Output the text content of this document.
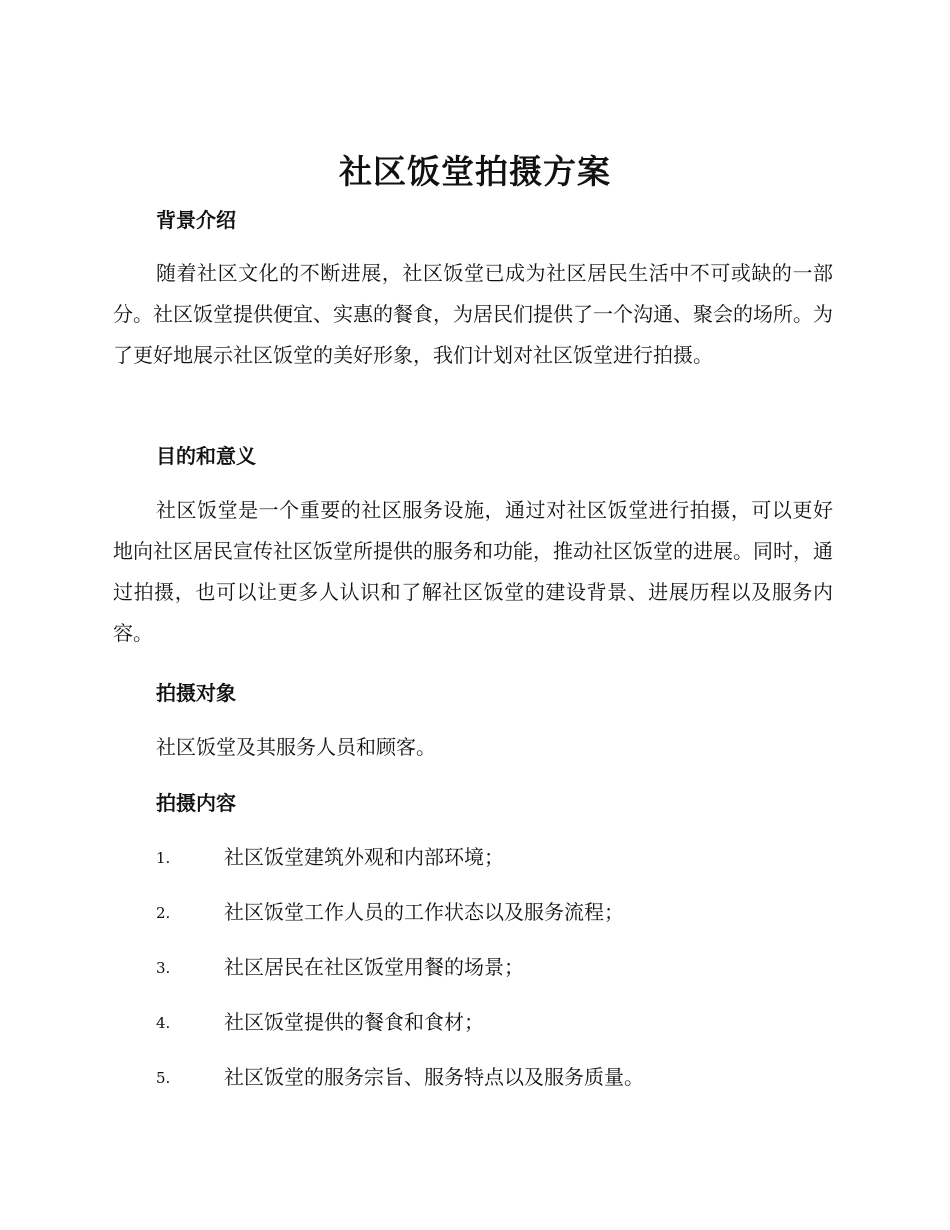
社区饭堂拍摄方案
背景介绍
随着社区文化的不断进展，社区饭堂已成为社区居民生活中不可或缺的一部分。社区饭堂提供便宜、实惠的餐食，为居民们提供了一个沟通、聚会的场所。为了更好地展示社区饭堂的美好形象，我们计划对社区饭堂进行拍摄。
目的和意义
社区饭堂是一个重要的社区服务设施，通过对社区饭堂进行拍摄，可以更好地向社区居民宣传社区饭堂所提供的服务和功能，推动社区饭堂的进展。同时，通过拍摄，也可以让更多人认识和了解社区饭堂的建设背景、进展历程以及服务内容。
拍摄对象
社区饭堂及其服务人员和顾客。
拍摄内容
1.	社区饭堂建筑外观和内部环境；
2.	社区饭堂工作人员的工作状态以及服务流程；
3.	社区居民在社区饭堂用餐的场景；
4.	社区饭堂提供的餐食和食材；
5.	社区饭堂的服务宗旨、服务特点以及服务质量。
